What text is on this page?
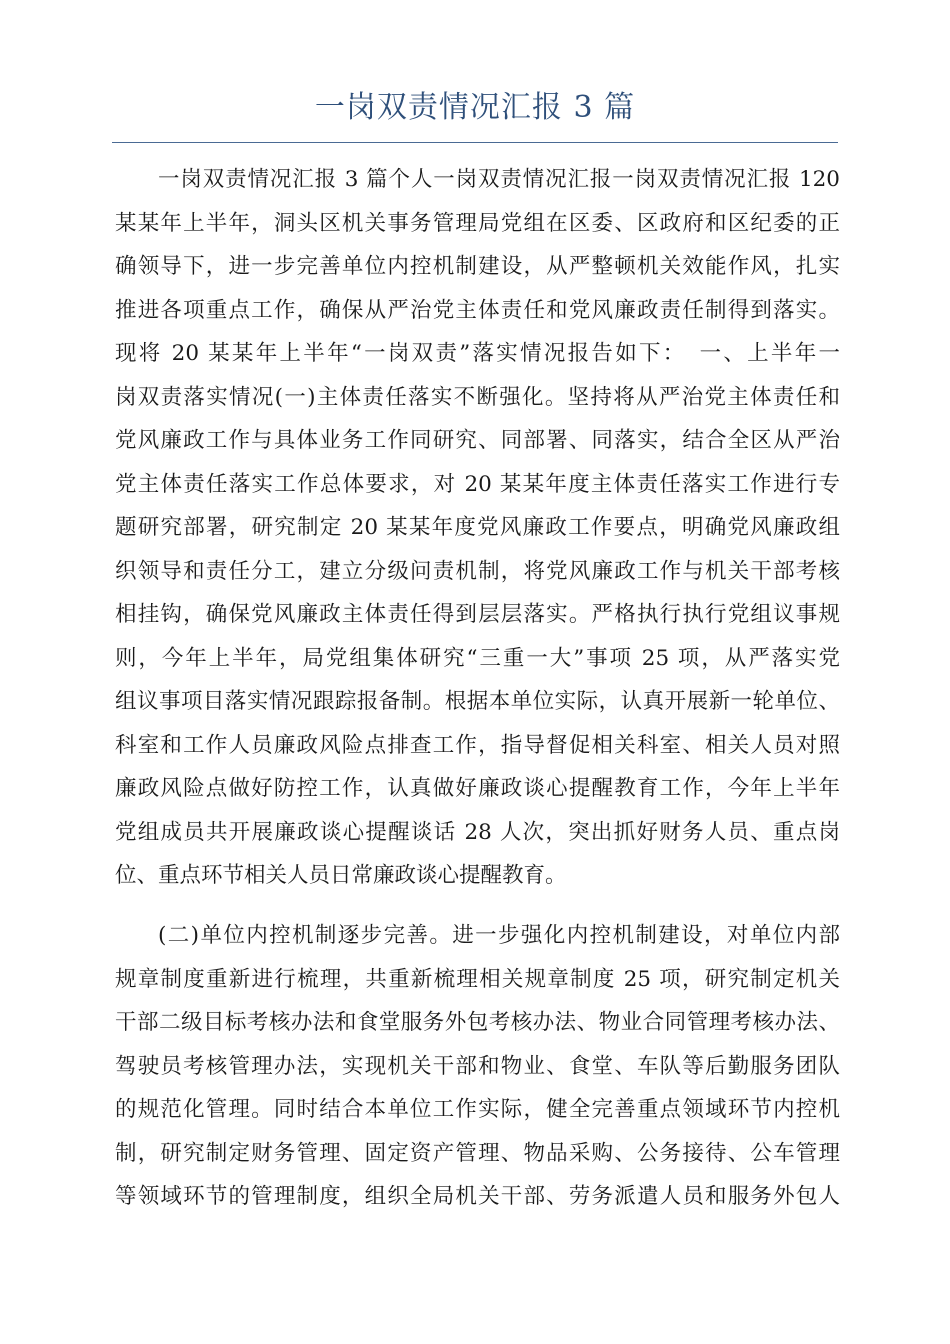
一岗双责情况汇报 3 篇
一岗双责情况汇报 3 篇个人一岗双责情况汇报一岗双责情况汇报 120
某某年上半年，洞头区机关事务管理局党组在区委、区政府和区纪委的正
确领导下，进一步完善单位内控机制建设，从严整顿机关效能作风，扎实
推进各项重点工作，确保从严治党主体责任和党风廉政责任制得到落实。
现将 20 某某年上半年“一岗双责”落实情况报告如下：　一、上半年一
岗双责落实情况(一)主体责任落实不断强化。坚持将从严治党主体责任和
党风廉政工作与具体业务工作同研究、同部署、同落实，结合全区从严治
党主体责任落实工作总体要求，对 20 某某年度主体责任落实工作进行专
题研究部署，研究制定 20 某某年度党风廉政工作要点，明确党风廉政组
织领导和责任分工，建立分级问责机制，将党风廉政工作与机关干部考核
相挂钩，确保党风廉政主体责任得到层层落实。严格执行执行党组议事规
则，今年上半年，局党组集体研究“三重一大”事项 25 项，从严落实党
组议事项目落实情况跟踪报备制。根据本单位实际，认真开展新一轮单位、
科室和工作人员廉政风险点排查工作，指导督促相关科室、相关人员对照
廉政风险点做好防控工作，认真做好廉政谈心提醒教育工作，今年上半年
党组成员共开展廉政谈心提醒谈话 28 人次，突出抓好财务人员、重点岗
位、重点环节相关人员日常廉政谈心提醒教育。
(二)单位内控机制逐步完善。进一步强化内控机制建设，对单位内部
规章制度重新进行梳理，共重新梳理相关规章制度 25 项，研究制定机关
干部二级目标考核办法和食堂服务外包考核办法、物业合同管理考核办法、
驾驶员考核管理办法，实现机关干部和物业、食堂、车队等后勤服务团队
的规范化管理。同时结合本单位工作实际，健全完善重点领域环节内控机
制，研究制定财务管理、固定资产管理、物品采购、公务接待、公车管理
等领域环节的管理制度，组织全局机关干部、劳务派遣人员和服务外包人
